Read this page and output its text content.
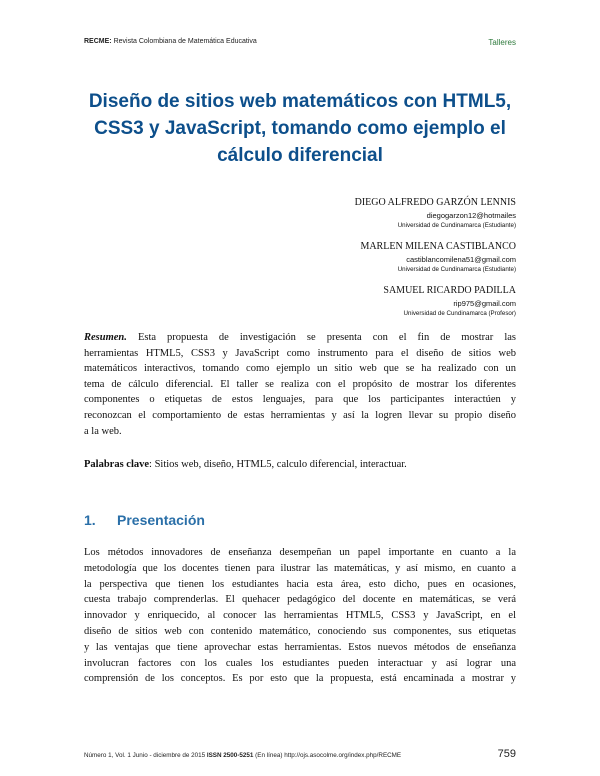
RECME: Revista Colombiana de Matemática Educativa	Talleres
Diseño de sitios web matemáticos con HTML5,
CSS3 y JavaScript, tomando como ejemplo el
cálculo diferencial
DIEGO ALFREDO GARZÓN LENNIS
diegogarzon12@hotmailes
Universidad de Cundinamarca (Estudiante)
MARLEN MILENA CASTIBLANCO
castiblancomilena51@gmail.com
Universidad de Cundinamarca (Estudiante)
SAMUEL RICARDO PADILLA
rip975@gmail.com
Universidad de Cundinamarca (Profesor)
Resumen. Esta propuesta de investigación se presenta con el fin de mostrar las
herramientas HTML5, CSS3 y JavaScript como instrumento para el diseño de sitios web
matemáticos interactivos, tomando como ejemplo un sitio web que se ha realizado con un
tema de cálculo diferencial. El taller se realiza con el propósito de mostrar los diferentes
componentes o etiquetas de estos lenguajes, para que los participantes interactúen y
reconozcan el comportamiento de estas herramientas y así la logren llevar su propio diseño
a la web.
Palabras clave: Sitios web, diseño, HTML5, calculo diferencial, interactuar.
1. Presentación
Los métodos innovadores de enseñanza desempeñan un papel importante en cuanto a la
metodología que los docentes tienen para ilustrar las matemáticas, y así mismo, en cuanto a
la perspectiva que tienen los estudiantes hacia esta área, esto dicho, pues en ocasiones,
cuesta trabajo comprenderlas. El quehacer pedagógico del docente en matemáticas, se verá
innovador y enriquecido, al conocer las herramientas HTML5, CSS3 y JavaScript, en el
diseño de sitios web con contenido matemático, conociendo sus componentes, sus etiquetas
y las ventajas que tiene aprovechar estas herramientas. Estos nuevos métodos de enseñanza
involucran factores con los cuales los estudiantes pueden interactuar y así lograr una
comprensión de los conceptos. Es por esto que la propuesta, está encaminada a mostrar y
Número 1, Vol. 1 Junio - diciembre de 2015 ISSN 2500-5251 (En línea) http://ojs.asocolme.org/index.php/RECME	759
